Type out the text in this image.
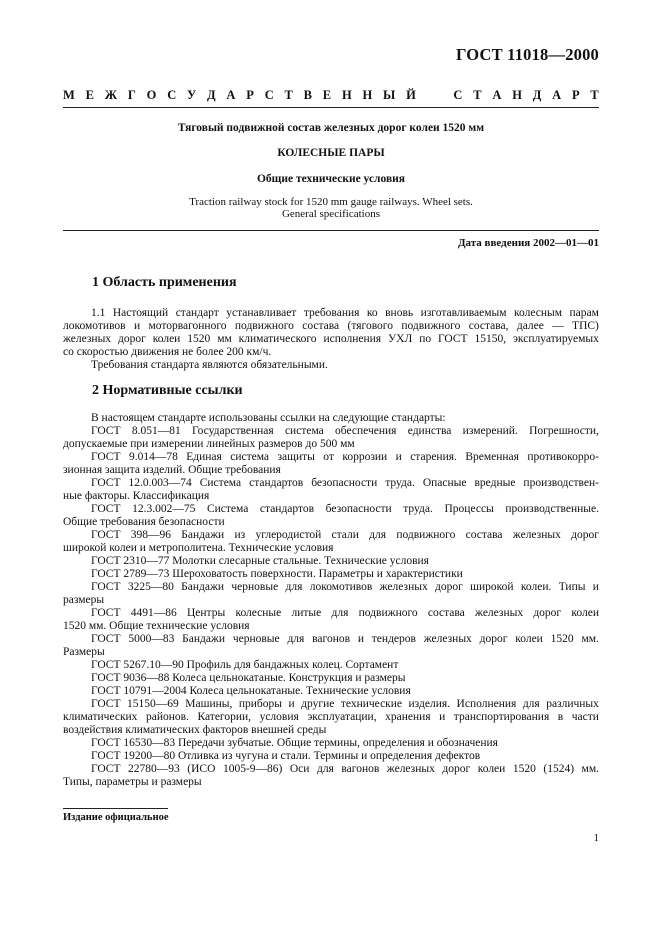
ГОСТ 11018—2000
М Е Ж Г О С У Д А Р С Т В Е Н Н Ы Й	С Т А Н Д А Р Т
Тяговый подвижной состав железных дорог колеи 1520 мм
КОЛЕСНЫЕ ПАРЫ
Общие технические условия
Traction railway stock for 1520 mm gauge railways. Wheel sets.
General specifications
Дата введения 2002—01—01
1 Область применения
1.1 Настоящий стандарт устанавливает требования ко вновь изготавливаемым колесным парам
локомотивов и моторвагонного подвижного состава (тягового подвижного состава, далее — ТПС)
железных дорог колеи 1520 мм климатического исполнения УХЛ по ГОСТ 15150, эксплуатируемых
со скоростью движения не более 200 км/ч.
Требования стандарта являются обязательными.
2 Нормативные ссылки
В настоящем стандарте использованы ссылки на следующие стандарты:
ГОСТ 8.051—81 Государственная система обеспечения единства измерений. Погрешности,
допускаемые при измерении линейных размеров до 500 мм
ГОСТ 9.014—78 Единая система защиты от коррозии и старения. Временная противокорро-
зионная защита изделий. Общие требования
ГОСТ 12.0.003—74 Система стандартов безопасности труда. Опасные вредные производствен-
ные факторы. Классификация
ГОСТ 12.3.002—75 Система стандартов безопасности труда. Процессы производственные.
Общие требования безопасности
ГОСТ 398—96 Бандажи из углеродистой стали для подвижного состава железных дорог
широкой колеи и метрополитена. Технические условия
ГОСТ 2310—77 Молотки слесарные стальные. Технические условия
ГОСТ 2789—73 Шероховатость поверхности. Параметры и характеристики
ГОСТ 3225—80 Бандажи черновые для локомотивов железных дорог широкой колеи. Типы и
размеры
ГОСТ 4491—86 Центры колесные литые для подвижного состава железных дорог колеи
1520 мм. Общие технические условия
ГОСТ 5000—83 Бандажи черновые для вагонов и тендеров железных дорог колеи 1520 мм.
Размеры
ГОСТ 5267.10—90 Профиль для бандажных колец. Сортамент
ГОСТ 9036—88 Колеса цельнокатаные. Конструкция и размеры
ГОСТ 10791—2004 Колеса цельнокатаные. Технические условия
ГОСТ 15150—69 Машины, приборы и другие технические изделия. Исполнения для различных
климатических районов. Категории, условия эксплуатации, хранения и транспортирования в части
воздействия климатических факторов внешней среды
ГОСТ 16530—83 Передачи зубчатые. Общие термины, определения и обозначения
ГОСТ 19200—80 Отливка из чугуна и стали. Термины и определения дефектов
ГОСТ 22780—93 (ИСО 1005-9—86) Оси для вагонов железных дорог колеи 1520 (1524) мм.
Типы, параметры и размеры
Издание официальное
1
